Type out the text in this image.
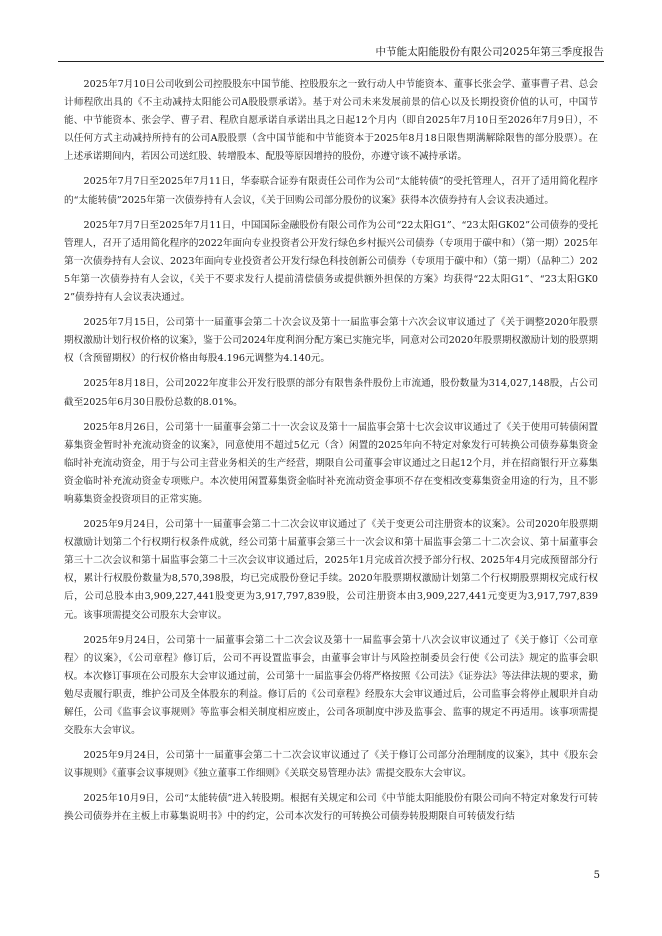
中节能太阳能股份有限公司2025年第三季度报告

2025年7月10日公司收到公司控股股东中国节能、控股股东之一致行动人中节能资本、董事长张会学、董事曹子君、总会计师程欣出具的《不主动减持太阳能公司A股股票承诺》。基于对公司未来发展前景的信心以及长期投资价值的认可，中国节能、中节能资本、张会学、曹子君、程欣自愿承诺自承诺出具之日起12个月内（即自2025年7月10日至2026年7月9日），不以任何方式主动减持所持有的公司A股股票（含中国节能和中节能资本于2025年8月18日限售期满解除限售的部分股票）。在上述承诺期间内，若因公司送红股、转增股本、配股等原因增持的股份，亦遵守该不减持承诺。

2025年7月7日至2025年7月11日，华泰联合证券有限责任公司作为公司“太能转债”的受托管理人，召开了适用简化程序的“太能转债”2025年第一次债券持有人会议，《关于回购公司部分股份的议案》获得本次债券持有人会议表决通过。

2025年7月7日至2025年7月11日，中国国际金融股份有限公司作为公司“22太阳G1”、“23太阳GK02”公司债券的受托管理人，召开了适用简化程序的2022年面向专业投资者公开发行绿色乡村振兴公司债券（专项用于碳中和）（第一期）2025年第一次债券持有人会议、2023年面向专业投资者公开发行绿色科技创新公司债券（专项用于碳中和）（第一期）（品种二）2025年第一次债券持有人会议，《关于不要求发行人提前清偿债务或提供额外担保的方案》均获得“22太阳G1”、“23太阳GK02”债券持有人会议表决通过。

2025年7月15日，公司第十一届董事会第二十次会议及第十一届监事会第十六次会议审议通过了《关于调整2020年股票期权激励计划行权价格的议案》，鉴于公司2024年度利润分配方案已实施完毕，同意对公司2020年股票期权激励计划的股票期权（含预留期权）的行权价格由每股4.196元调整为4.140元。

2025年8月18日，公司2022年度非公开发行股票的部分有限售条件股份上市流通，股份数量为314,027,148股，占公司截至2025年6月30日股份总数的8.01%。

2025年8月26日，公司第十一届董事会第二十一次会议及第十一届监事会第十七次会议审议通过了《关于使用可转债闲置募集资金暂时补充流动资金的议案》，同意使用不超过5亿元（含）闲置的2025年向不特定对象发行可转换公司债券募集资金临时补充流动资金，用于与公司主营业务相关的生产经营，期限自公司董事会审议通过之日起12个月，并在招商银行开立募集资金临时补充流动资金专项账户。本次使用闲置募集资金临时补充流动资金事项不存在变相改变募集资金用途的行为，且不影响募集资金投资项目的正常实施。

2025年9月24日，公司第十一届董事会第二十二次会议审议通过了《关于变更公司注册资本的议案》。公司2020年股票期权激励计划第二个行权期行权条件成就，经公司第十届董事会第三十一次会议和第十届监事会第二十二次会议、第十届董事会第三十二次会议和第十届监事会第二十三次会议审议通过后，2025年1月完成首次授予部分行权、2025年4月完成预留部分行权，累计行权股份数量为8,570,398股，均已完成股份登记手续。2020年股票期权激励计划第二个行权期股票期权完成行权后，公司总股本由3,909,227,441股变更为3,917,797,839股，公司注册资本由3,909,227,441元变更为3,917,797,839元。该事项需提交公司股东大会审议。

2025年9月24日，公司第十一届董事会第二十二次会议及第十一届监事会第十八次会议审议通过了《关于修订〈公司章程〉的议案》，《公司章程》修订后，公司不再设置监事会，由董事会审计与风险控制委员会行使《公司法》规定的监事会职权。本次修订事项在公司股东大会审议通过前，公司第十一届监事会仍将严格按照《公司法》《证券法》等法律法规的要求，勤勉尽责履行职责，维护公司及全体股东的利益。修订后的《公司章程》经股东大会审议通过后，公司监事会将停止履职并自动解任，公司《监事会议事规则》等监事会相关制度相应废止，公司各项制度中涉及监事会、监事的规定不再适用。该事项需提交股东大会审议。

2025年9月24日，公司第十一届董事会第二十二次会议审议通过了《关于修订公司部分治理制度的议案》，其中《股东会议事规则》《董事会议事规则》《独立董事工作细则》《关联交易管理办法》需提交股东大会审议。

2025年10月9日，公司“太能转债”进入转股期。根据有关规定和公司《中节能太阳能股份有限公司向不特定对象发行可转换公司债券并在主板上市募集说明书》中的约定，公司本次发行的可转换公司债券转股期限自可转债发行结

5
